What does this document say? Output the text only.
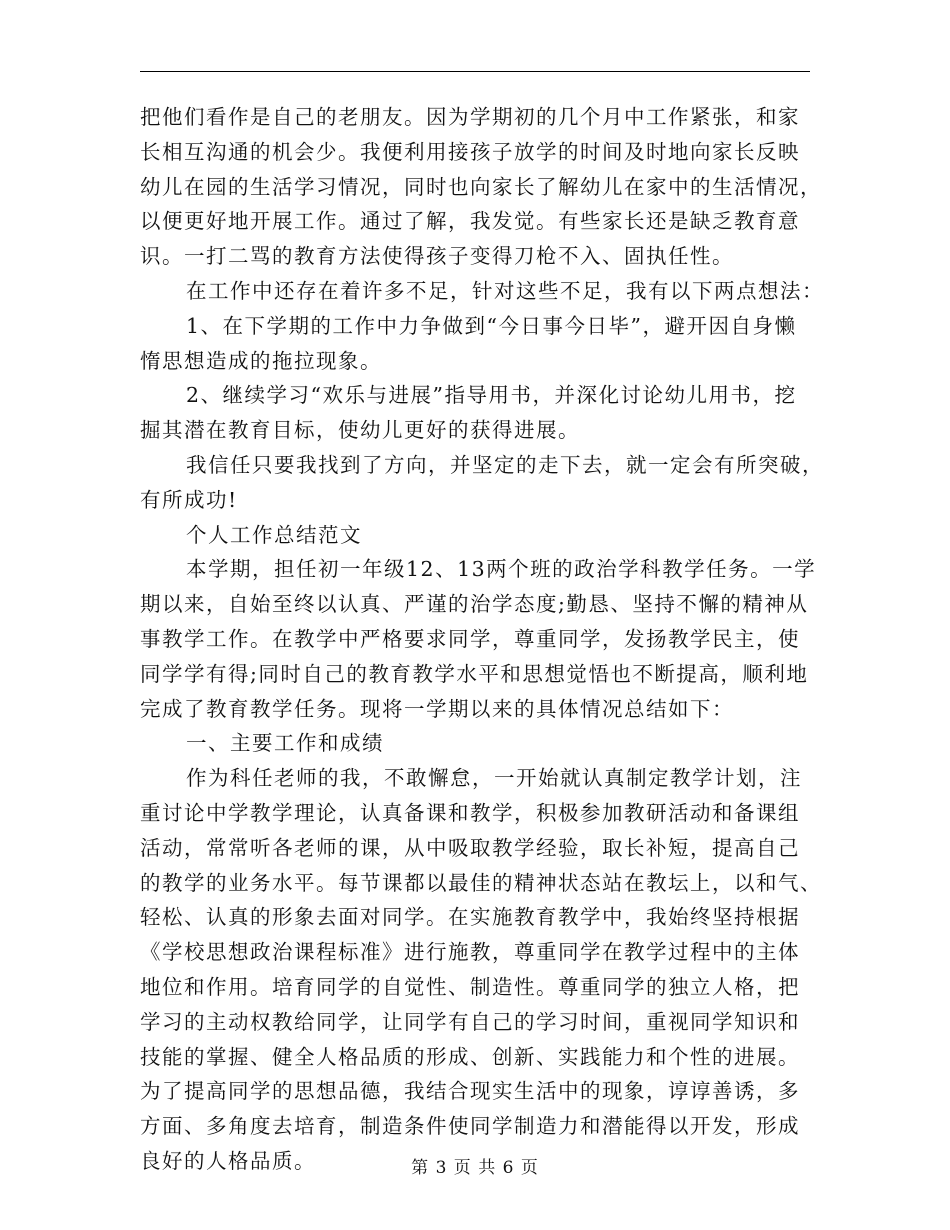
把他们看作是自己的老朋友。因为学期初的几个月中工作紧张，和家
长相互沟通的机会少。我便利用接孩子放学的时间及时地向家长反映
幼儿在园的生活学习情况，同时也向家长了解幼儿在家中的生活情况，
以便更好地开展工作。通过了解，我发觉。有些家长还是缺乏教育意
识。一打二骂的教育方法使得孩子变得刀枪不入、固执任性。

在工作中还存在着许多不足，针对这些不足，我有以下两点想法：

1、在下学期的工作中力争做到“今日事今日毕”，避开因自身懒
惰思想造成的拖拉现象。

2、继续学习“欢乐与进展”指导用书，并深化讨论幼儿用书，挖
掘其潜在教育目标，使幼儿更好的获得进展。

我信任只要我找到了方向，并坚定的走下去，就一定会有所突破，
有所成功!

个人工作总结范文

本学期，担任初一年级12、13两个班的政治学科教学任务。一学
期以来，自始至终以认真、严谨的治学态度;勤恳、坚持不懈的精神从
事教学工作。在教学中严格要求同学，尊重同学，发扬教学民主，使
同学学有得;同时自己的教育教学水平和思想觉悟也不断提高，顺利地
完成了教育教学任务。现将一学期以来的具体情况总结如下：

一、主要工作和成绩

作为科任老师的我，不敢懈怠，一开始就认真制定教学计划，注
重讨论中学教学理论，认真备课和教学，积极参加教研活动和备课组
活动，常常听各老师的课，从中吸取教学经验，取长补短，提高自己
的教学的业务水平。每节课都以最佳的精神状态站在教坛上，以和气、
轻松、认真的形象去面对同学。在实施教育教学中，我始终坚持根据
《学校思想政治课程标准》进行施教，尊重同学在教学过程中的主体
地位和作用。培育同学的自觉性、制造性。尊重同学的独立人格，把
学习的主动权教给同学，让同学有自己的学习时间，重视同学知识和
技能的掌握、健全人格品质的形成、创新、实践能力和个性的进展。
为了提高同学的思想品德，我结合现实生活中的现象，谆谆善诱，多
方面、多角度去培育，制造条件使同学制造力和潜能得以开发，形成
良好的人格品质。	第 3 页 共 6 页
